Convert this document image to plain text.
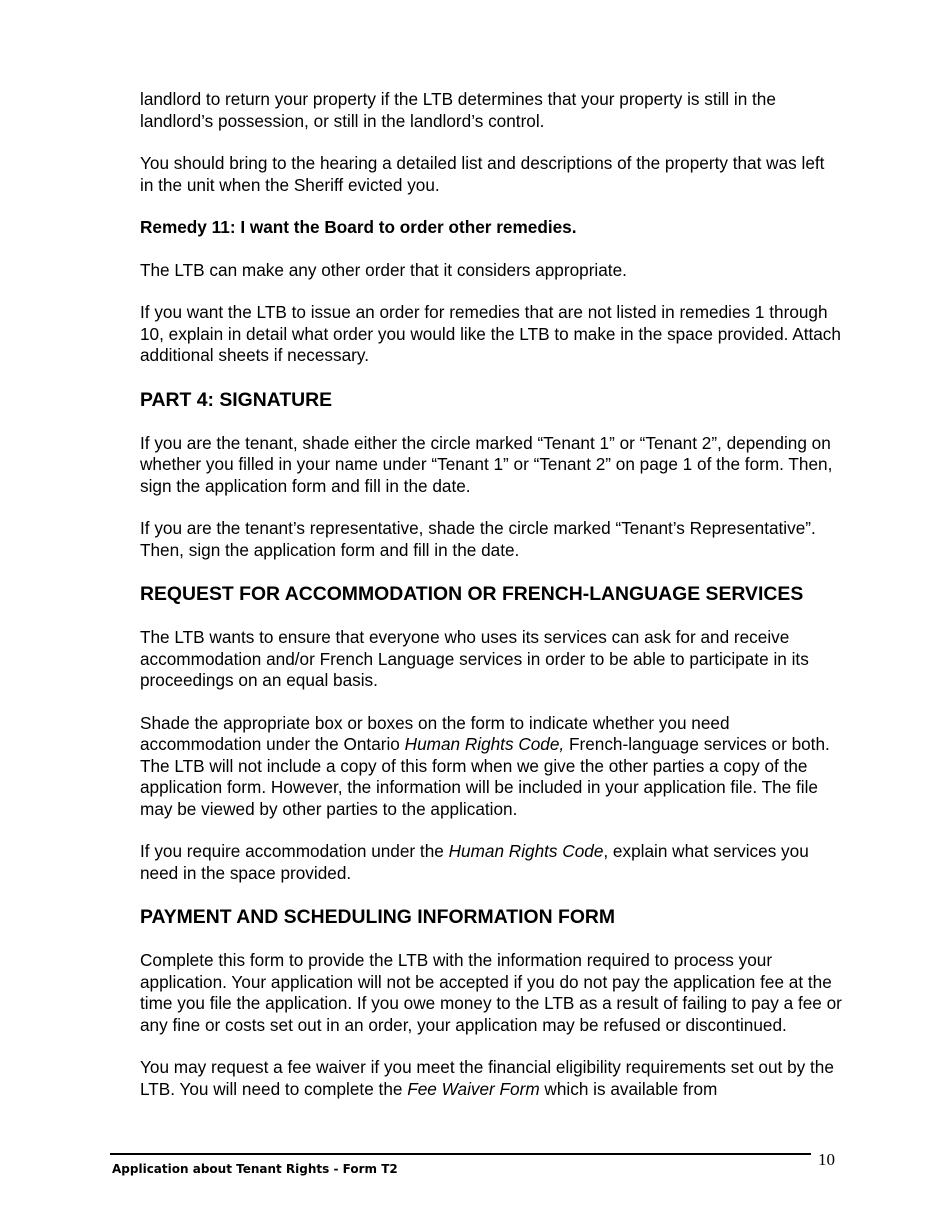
landlord to return your property if the LTB determines that your property is still in the landlord’s possession, or still in the landlord’s control.

You should bring to the hearing a detailed list and descriptions of the property that was left in the unit when the Sheriff evicted you.

Remedy 11: I want the Board to order other remedies.

The LTB can make any other order that it considers appropriate.

If you want the LTB to issue an order for remedies that are not listed in remedies 1 through 10, explain in detail what order you would like the LTB to make in the space provided. Attach additional sheets if necessary.

PART 4: SIGNATURE

If you are the tenant, shade either the circle marked “Tenant 1” or “Tenant 2”, depending on whether you filled in your name under “Tenant 1” or “Tenant 2” on page 1 of the form. Then, sign the application form and fill in the date.

If you are the tenant’s representative, shade the circle marked “Tenant’s Representative”. Then, sign the application form and fill in the date.

REQUEST FOR ACCOMMODATION OR FRENCH-LANGUAGE SERVICES

The LTB wants to ensure that everyone who uses its services can ask for and receive accommodation and/or French Language services in order to be able to participate in its proceedings on an equal basis.

Shade the appropriate box or boxes on the form to indicate whether you need accommodation under the Ontario Human Rights Code, French-language services or both. The LTB will not include a copy of this form when we give the other parties a copy of the application form. However, the information will be included in your application file. The file may be viewed by other parties to the application.

If you require accommodation under the Human Rights Code, explain what services you need in the space provided.

PAYMENT AND SCHEDULING INFORMATION FORM

Complete this form to provide the LTB with the information required to process your application. Your application will not be accepted if you do not pay the application fee at the time you file the application. If you owe money to the LTB as a result of failing to pay a fee or any fine or costs set out in an order, your application may be refused or discontinued.

You may request a fee waiver if you meet the financial eligibility requirements set out by the LTB. You will need to complete the Fee Waiver Form which is available from

Application about Tenant Rights - Form T2	10
